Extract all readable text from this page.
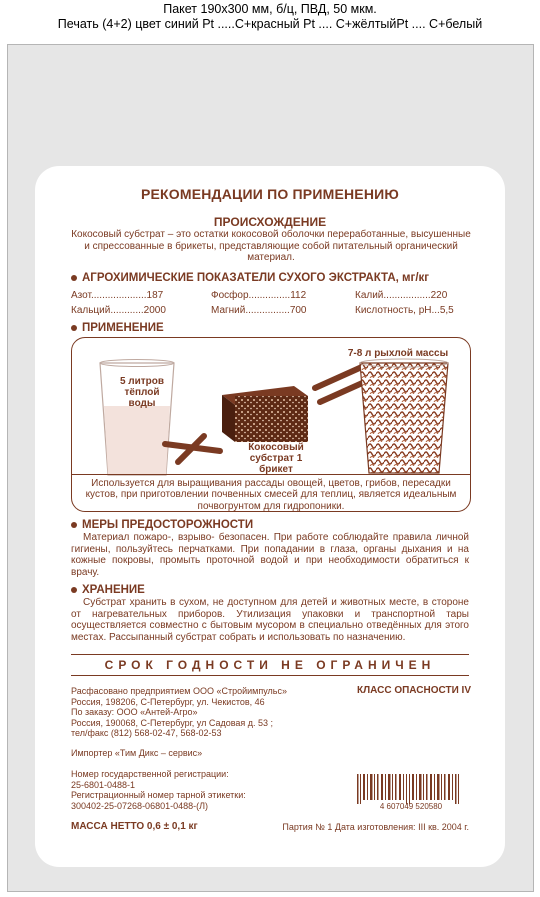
Пакет 190х300 мм, б/ц, ПВД, 50 мкм.
Печать (4+2) цвет синий Pt .....С+красный Pt .... С+жёлтыйPt .... С+белый
РЕКОМЕНДАЦИИ ПО ПРИМЕНЕНИЮ
ПРОИСХОЖДЕНИЕ
Кокосовый субстрат – это остатки кокосовой оболочки переработанные, высушенные и спрессованные в брикеты, представляющие собой питательный органический материал.
АГРОХИМИЧЕСКИЕ ПОКАЗАТЕЛИ СУХОГО ЭКСТРАКТА, мг/кг
Азот....................187	Фосфор...............112	Калий.................220
Кальций............2000	Магний................700	Кислотность, рН...5,5
ПРИМЕНЕНИЕ
5 литров тёплой воды
Кокосовый субстрат 1 брикет
7-8 л рыхлой массы
Используется для выращивания рассады овощей, цветов, грибов, пересадки кустов, при приготовлении почвенных смесей для теплиц, является идеальным почвогрунтом для гидропоники.
МЕРЫ ПРЕДОСТОРОЖНОСТИ
Материал пожаро-, взрыво- безопасен. При работе соблюдайте правила личной гигиены, пользуйтесь перчатками. При попадании в глаза, органы дыхания и на кожные покровы, промыть проточной водой и при необходимости обратиться к врачу.
ХРАНЕНИЕ
Субстрат хранить в сухом, не доступном для детей и животных месте, в стороне от нагревательных приборов. Утилизация упаковки и транспортной тары осуществляется совместно с бытовым мусором в специально отведённых для этого местах. Рассыпанный субстрат собрать и использовать по назначению.
СРОК ГОДНОСТИ НЕ ОГРАНИЧЕН
Расфасовано предприятием ООО «Стройимпульс»
Россия, 198206, С-Петербург, ул. Чекистов, 46
По заказу: ООО «Антей-Агро»
Россия, 190068, С-Петербург, ул Садовая д. 53 ;
тел/факс (812) 568-02-47, 568-02-53
КЛАСС ОПАСНОСТИ IV
Импортер «Тим Дикс – сервис»
Номер государственной регистрации:
25-6801-0488-1
Регистрационный номер тарной этикетки:
300402-25-07268-06801-0488-(Л)	4 607049 520580
МАССА НЕТТО 0,6 ± 0,1 кг	Партия № 1 Дата изготовления: III кв. 2004 г.
